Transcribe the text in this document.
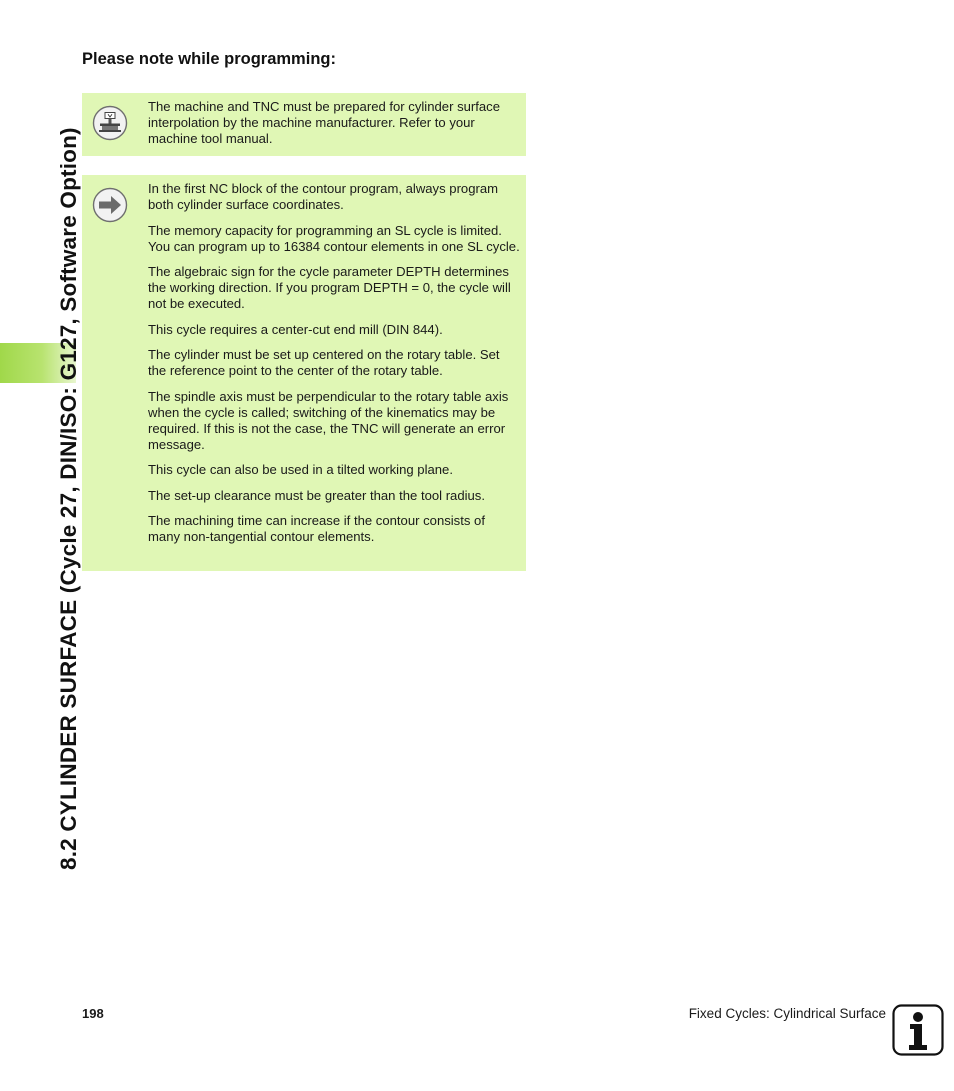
8.2 CYLINDER SURFACE (Cycle 27, DIN/ISO: G127, Software Option)
Please note while programming:

The machine and TNC must be prepared for cylinder surface interpolation by the machine manufacturer. Refer to your machine tool manual.

In the first NC block of the contour program, always program both cylinder surface coordinates.

The memory capacity for programming an SL cycle is limited. You can program up to 16384 contour elements in one SL cycle.

The algebraic sign for the cycle parameter DEPTH determines the working direction. If you program DEPTH = 0, the cycle will not be executed.

This cycle requires a center-cut end mill (DIN 844).

The cylinder must be set up centered on the rotary table. Set the reference point to the center of the rotary table.

The spindle axis must be perpendicular to the rotary table axis when the cycle is called; switching of the kinematics may be required. If this is not the case, the TNC will generate an error message.

This cycle can also be used in a tilted working plane.

The set-up clearance must be greater than the tool radius.

The machining time can increase if the contour consists of many non-tangential contour elements.

198	Fixed Cycles: Cylindrical Surface
